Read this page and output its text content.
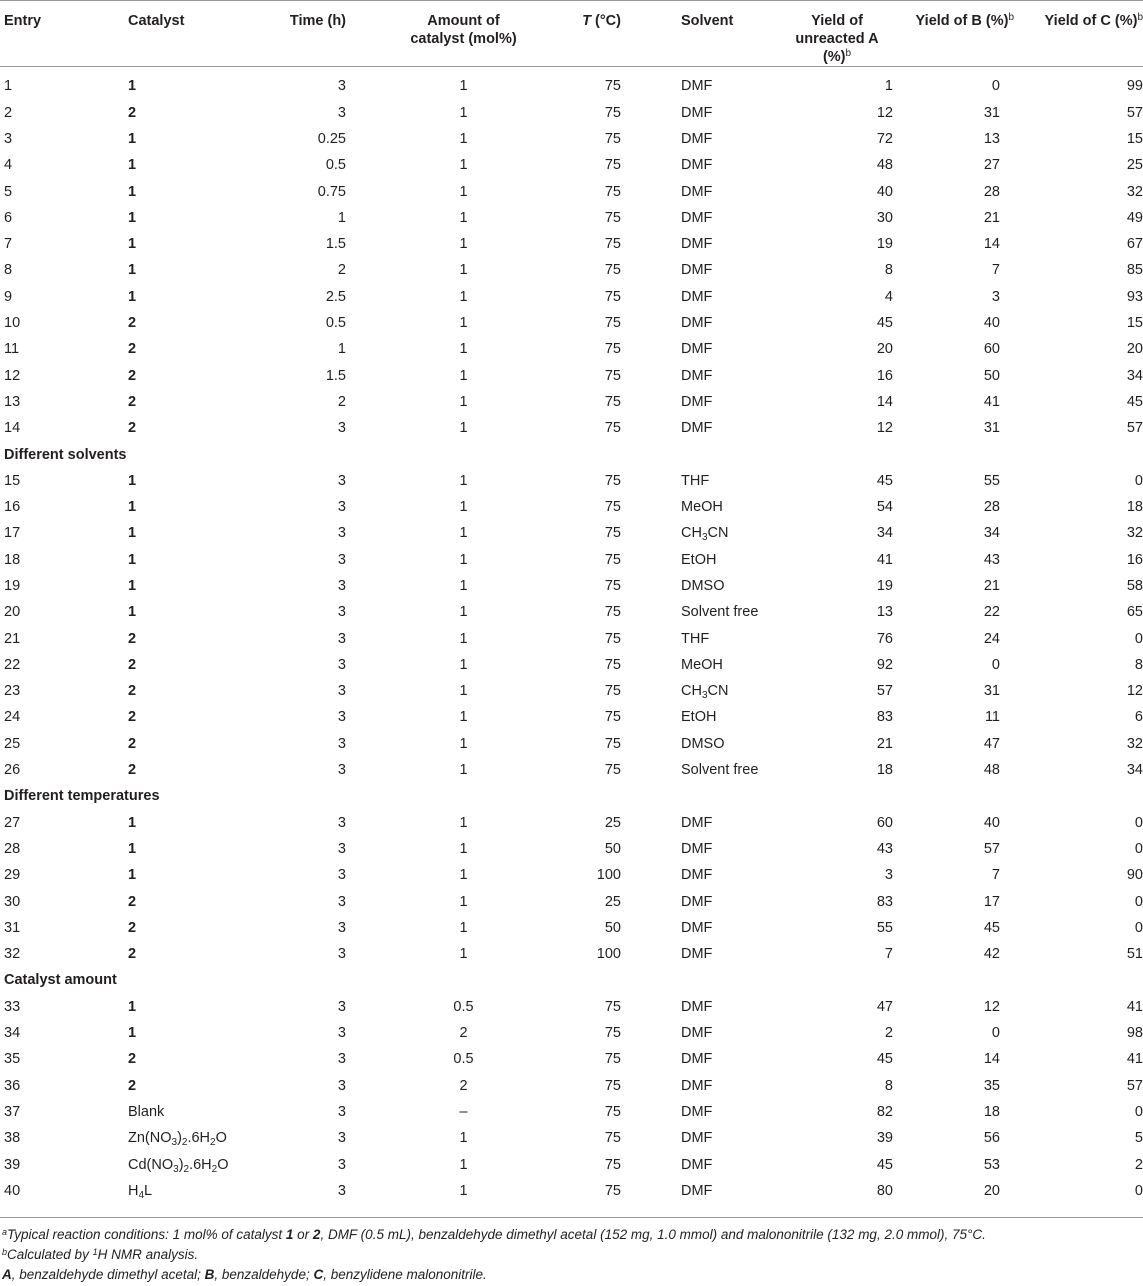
Entry	Catalyst	Time (h)	Amount of
catalyst (mol%)	T (°C)	Solvent	Yield of
unreacted A (%)$^b$	Yield of B (%)$^b$	Yield of C (%)$^b$
1	1	3	1	75	DMF	1	0	99
2	2	3	1	75	DMF	12	31	57
3	1	0.25	1	75	DMF	72	13	15
4	1	0.5	1	75	DMF	48	27	25
5	1	0.75	1	75	DMF	40	28	32
6	1	1	1	75	DMF	30	21	49
7	1	1.5	1	75	DMF	19	14	67
8	1	2	1	75	DMF	8	7	85
9	1	2.5	1	75	DMF	4	3	93
10	2	0.5	1	75	DMF	45	40	15
11	2	1	1	75	DMF	20	60	20
12	2	1.5	1	75	DMF	16	50	34
13	2	2	1	75	DMF	14	41	45
14	2	3	1	75	DMF	12	31	57
Different solvents								
15	1	3	1	75	THF	45	55	0
16	1	3	1	75	MeOH	54	28	18
17	1	3	1	75	$CH_3CN$	34	34	32
18	1	3	1	75	EtOH	41	43	16
19	1	3	1	75	DMSO	19	21	58
20	1	3	1	75	Solvent free	13	22	65
21	2	3	1	75	THF	76	24	0
22	2	3	1	75	MeOH	92	0	8
23	2	3	1	75	$CH_3CN$	57	31	12
24	2	3	1	75	EtOH	83	11	6
25	2	3	1	75	DMSO	21	47	32
26	2	3	1	75	Solvent free	18	48	34
Different temperatures								
27	1	3	1	25	DMF	60	40	0
28	1	3	1	50	DMF	43	57	0
29	1	3	1	100	DMF	3	7	90
30	2	3	1	25	DMF	83	17	0
31	2	3	1	50	DMF	55	45	0
32	2	3	1	100	DMF	7	42	51
Catalyst amount								
33	1	3	0.5	75	DMF	47	12	41
34	1	3	2	75	DMF	2	0	98
35	2	3	0.5	75	DMF	45	14	41
36	2	3	2	75	DMF	8	35	57
37	Blank	3	–	75	DMF	82	18	0
38	$Zn(NO_3)_2.6H_2O$	3	1	75	DMF	39	56	5
39	$Cd(NO_3)_2.6H_2O$	3	1	75	DMF	45	53	2
40	$H_4L$	3	1	75	DMF	80	20	0
$^a$Typical reaction conditions: 1 mol% of catalyst 1 or 2, DMF (0.5 mL), benzaldehyde dimethyl acetal (152 mg, 1.0 mmol) and malononitrile (132 mg, 2.0 mmol), 75°C.
$^b$Calculated by $^1$H NMR analysis.
A, benzaldehyde dimethyl acetal; B, benzaldehyde; C, benzylidene malononitrile.
